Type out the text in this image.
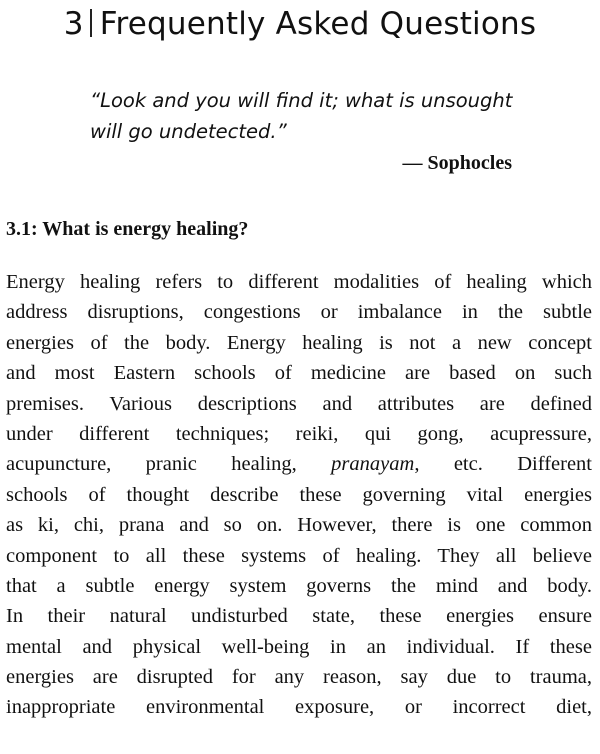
3 Frequently Asked Questions

“Look and you will find it; what is unsought
will go undetected.”

— Sophocles
3.1: What is energy healing?
Energy healing refers to different modalities of healing which
address disruptions, congestions or imbalance in the subtle
energies of the body. Energy healing is not a new concept
and most Eastern schools of medicine are based on such
premises. Various descriptions and attributes are defined
under different techniques; reiki, qui gong, acupressure,
acupuncture, pranic healing, pranayam, etc. Different
schools of thought describe these governing vital energies
as ki, chi, prana and so on. However, there is one common
component to all these systems of healing. They all believe
that a subtle energy system governs the mind and body.
In their natural undisturbed state, these energies ensure
mental and physical well-being in an individual. If these
energies are disrupted for any reason, say due to trauma,
inappropriate environmental exposure, or incorrect diet,
